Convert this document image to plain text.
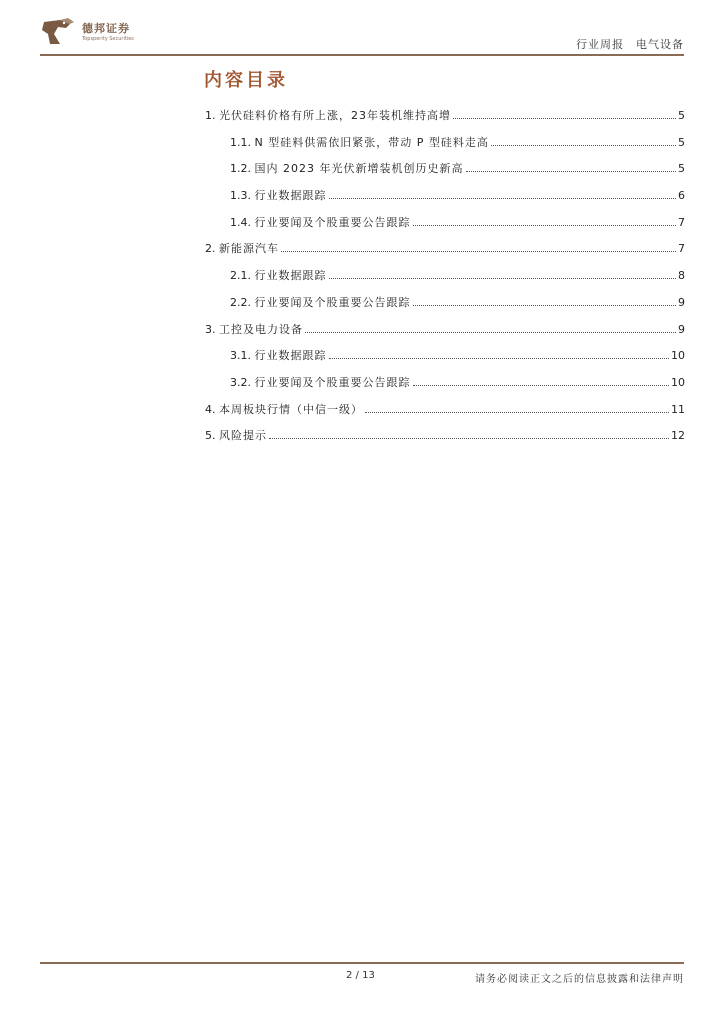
德邦证券
Topsperity Securities	行业周报 电气设备
内容目录
1. 光伏硅料价格有所上涨，23年装机维持高增	5
1.1. N 型硅料供需依旧紧张，带动 P 型硅料走高	5
1.2. 国内 2023 年光伏新增装机创历史新高	5
1.3. 行业数据跟踪	6
1.4. 行业要闻及个股重要公告跟踪	7
2. 新能源汽车	7
2.1. 行业数据跟踪	8
2.2. 行业要闻及个股重要公告跟踪	9
3. 工控及电力设备	9
3.1. 行业数据跟踪	10
3.2. 行业要闻及个股重要公告跟踪	10
4. 本周板块行情（中信一级）	11
5. 风险提示	12
2 / 13	请务必阅读正文之后的信息披露和法律声明
